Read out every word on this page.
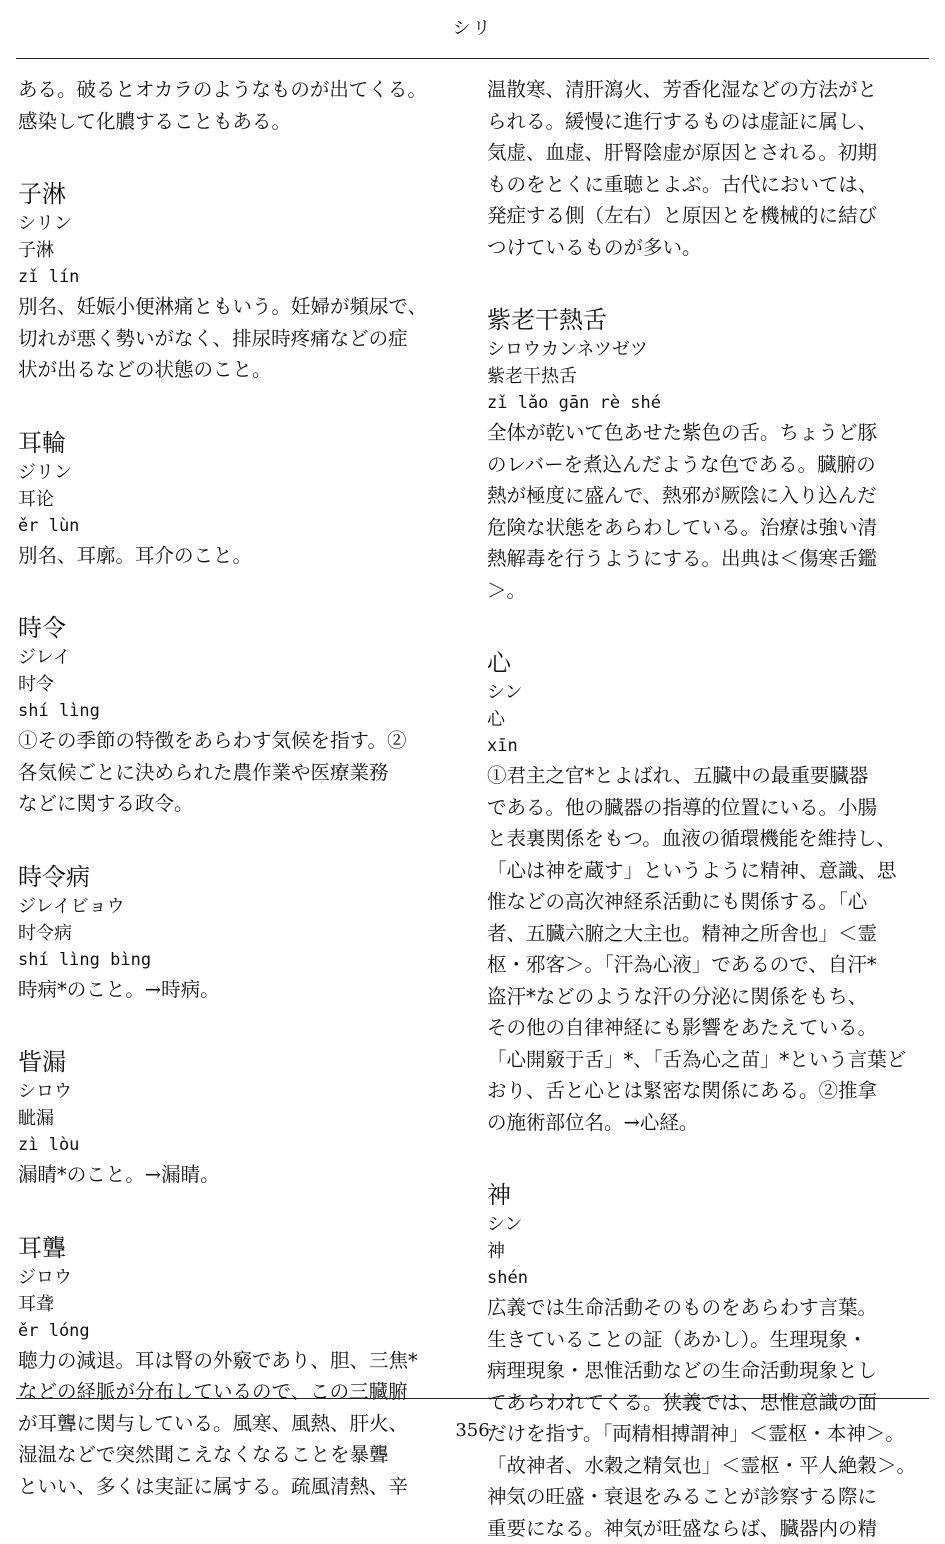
シリ

ある。破るとオカラのようなものが出てくる。

感染して化膿することもある。

子淋

シリン

子淋

zǐ lín

別名、妊娠小便淋痛ともいう。妊婦が頻尿で、

切れが悪く勢いがなく、排尿時疼痛などの症

状が出るなどの状態のこと。

耳輪

ジリン

耳论

ěr lùn

別名、耳廓。耳介のこと。

時令

ジレイ

时令

shí lìng

①その季節の特徴をあらわす気候を指す。②

各気候ごとに決められた農作業や医療業務

などに関する政令。

時令病

ジレイビョウ

时令病

shí lìng bìng

時病*のこと。→時病。

眥漏

シロウ

眦漏

zì lòu

漏睛*のこと。→漏睛。

耳聾

ジロウ

耳聋

ěr lóng

聴力の減退。耳は腎の外竅であり、胆、三焦*

などの経脈が分布しているので、この三臓腑

が耳聾に関与している。風寒、風熱、肝火、

湿温などで突然聞こえなくなることを暴聾

といい、多くは実証に属する。疏風清熱、辛

温散寒、清肝瀉火、芳香化湿などの方法がと

られる。緩慢に進行するものは虚証に属し、

気虚、血虚、肝腎陰虚が原因とされる。初期

ものをとくに重聴とよぶ。古代においては、

発症する側（左右）と原因とを機械的に結び

つけているものが多い。

紫老干熱舌

シロウカンネツゼツ

紫老干热舌

zǐ lǎo gān rè shé

全体が乾いて色あせた紫色の舌。ちょうど豚

のレバーを煮込んだような色である。臓腑の

熱が極度に盛んで、熱邪が厥陰に入り込んだ

危険な状態をあらわしている。治療は強い清

熱解毒を行うようにする。出典は＜傷寒舌鑑

＞。

心

シン

心

xīn

①君主之官*とよばれ、五臓中の最重要臓器

である。他の臓器の指導的位置にいる。小腸

と表裏関係をもつ。血液の循環機能を維持し、

「心は神を蔵す」というように精神、意識、思

惟などの高次神経系活動にも関係する。「心

者、五臓六腑之大主也。精神之所舎也」＜霊

枢・邪客＞。「汗為心液」であるので、自汗*

盗汗*などのような汗の分泌に関係をもち、

その他の自律神経にも影響をあたえている。

「心開竅于舌」*、「舌為心之苗」*という言葉ど

おり、舌と心とは緊密な関係にある。②推拿

の施術部位名。→心経。

神

シン

神

shén

広義では生命活動そのものをあらわす言葉。

生きていることの証（あかし）。生理現象・

病理現象・思惟活動などの生命活動現象とし

てあらわれてくる。狭義では、思惟意識の面

だけを指す。「両精相搏謂神」＜霊枢・本神＞。

「故神者、水穀之精気也」＜霊枢・平人絶穀＞。

神気の旺盛・衰退をみることが診察する際に

重要になる。神気が旺盛ならば、臓器内の精

356
